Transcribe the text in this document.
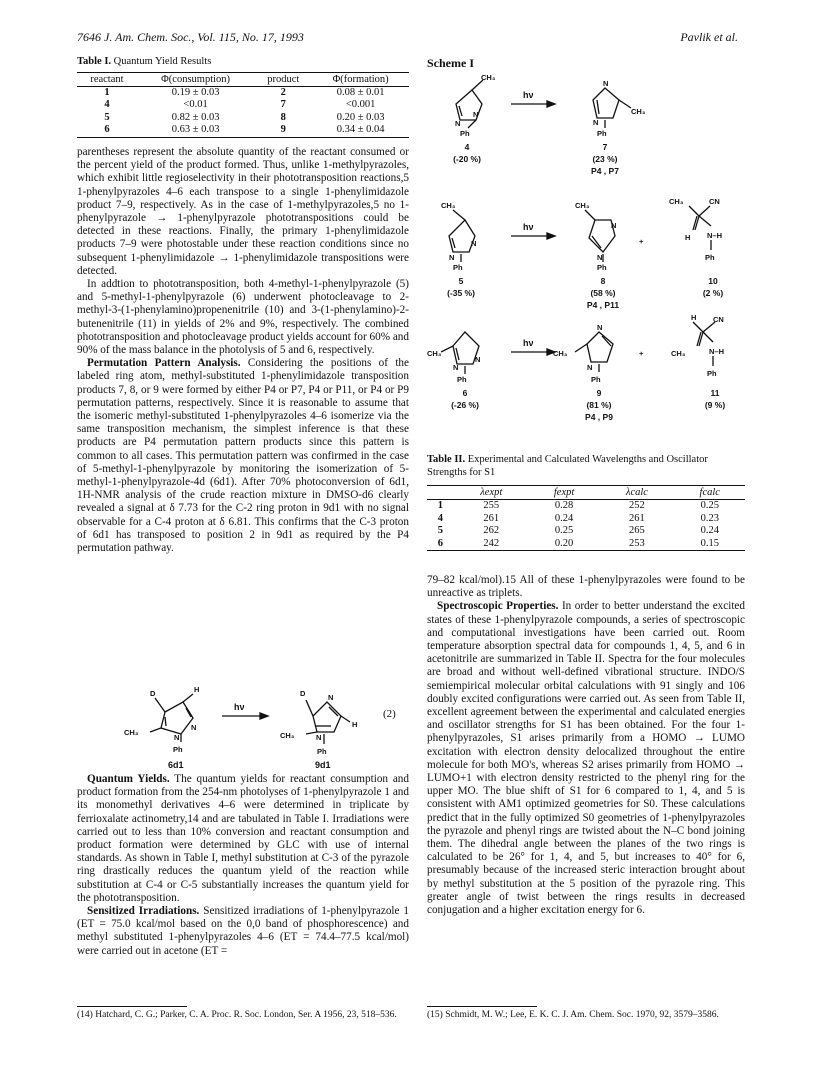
7646 J. Am. Chem. Soc., Vol. 115, No. 17, 1993	Pavlik et al.
Table I. Quantum Yield Results
reactant	Φ(consumption)	product	Φ(formation)
1	0.19 ± 0.03	2	0.08 ± 0.01
4	<0.01	7	<0.001
5	0.82 ± 0.03	8	0.20 ± 0.03
6	0.63 ± 0.03	9	0.34 ± 0.04

parentheses represent the absolute quantity of the reactant consumed or the percent yield of the product formed. Thus, unlike 1-methylpyrazoles, which exhibit little regioselectivity in their phototransposition reactions,5 1-phenylpyrazoles 4–6 each transpose to a single 1-phenylimidazole product 7–9, respectively. As in the case of 1-methylpyrazoles,5 no 1-phenylpyrazole → 1-phenylpyrazole phototranspositions could be detected in these reactions. Finally, the primary 1-phenylimidazole products 7–9 were photostable under these reaction conditions since no subsequent 1-phenylimidazole → 1-phenylimidazole transpositions were detected.

In addtion to phototransposition, both 4-methyl-1-phenylpyrazole (5) and 5-methyl-1-phenylpyrazole (6) underwent photocleavage to 2-methyl-3-(1-phenylamino)propenenitrile (10) and 3-(1-phenylamino)-2-butenenitrile (11) in yields of 2% and 9%, respectively. The combined phototransposition and photocleavage product yields account for 60% and 90% of the mass balance in the photolysis of 5 and 6, respectively.

Permutation Pattern Analysis. Considering the positions of the labeled ring atom, methyl-substituted 1-phenylimidazole transposition products 7, 8, or 9 were formed by either P4 or P7, P4 or P11, or P4 or P9 permutation patterns, respectively. Since it is reasonable to assume that the isomeric methyl-substituted 1-phenylpyrazoles 4–6 isomerize via the same transposition mechanism, the simplest inference is that these products are P4 permutation pattern products since this pattern is common to all cases. This permutation pattern was confirmed in the case of 5-methyl-1-phenylpyrazole by monitoring the isomerization of 5-methyl-1-phenylpyrazole-4d (6d1). After 70% photoconversion of 6d1, 1H-NMR analysis of the crude reaction mixture in DMSO-d6 clearly revealed a signal at δ 7.73 for the C-2 ring proton in 9d1 with no signal observable for a C-4 proton at δ 6.81. This confirms that the C-3 proton of 6d1 has transposed to position 2 in 9d1 as required by the P4 permutation pathway.

D	H
N
N
CH₃
Ph
D	N
N
H
CH₃
Ph
hν
6d1	9d1
(2)

Quantum Yields. The quantum yields for reactant consumption and product formation from the 254-nm photolyses of 1-phenylpyrazole 1 and its monomethyl derivatives 4–6 were determined in triplicate by ferrioxalate actinometry,14 and are tabulated in Table I. Irradiations were carried out to less than 10% conversion and reactant consumption and product formation were determined by GLC with use of internal standards. As shown in Table I, methyl substitution at C-3 of the pyrazole ring drastically reduces the quantum yield of the reaction while substitution at C-4 or C-5 substantially increases the quantum yield for the phototransposition.

Sensitized Irradiations. Sensitized irradiations of 1-phenylpyrazole 1 (ET = 75.0 kcal/mol based on the 0,0 band of phosphorescence) and methyl substituted 1-phenylpyrazoles 4–6 (ET = 74.4–77.5 kcal/mol) were carried out in acetone (ET =

(14) Hatchard, C. G.; Parker, C. A. Proc. R. Soc. London, Ser. A 1956, 23, 518–536.
Scheme I
CH₃
N
N
Ph
N
CH₃
N
Ph
CH₃
N
N
Ph
CH₃
N
N
Ph
+
CH₃	CN
H N–H
Ph
CH₃
N
N
Ph
N
CH₃
N
Ph
+
H CN
CH₃	N–H
Ph
hν
hν
hν
4
(-20 %)
7
(23 %)
P4 , P7
5
(-35 %)
8
(58 %)
P4 , P11
10
(2 %)
6
(-26 %)
9
(81 %)
P4 , P9
11
(9 %)
Table II. Experimental and Calculated Wavelengths and Oscillator Strengths for S1
	λexpt	fexpt	λcalc	fcalc
1	255	0.28	252	0.25
4	261	0.24	261	0.23
5	262	0.25	265	0.24
6	242	0.20	253	0.15

79–82 kcal/mol).15 All of these 1-phenylpyrazoles were found to be unreactive as triplets.

Spectroscopic Properties. In order to better understand the excited states of these 1-phenylpyrazole compounds, a series of spectroscopic and computational investigations have been carried out. Room temperature absorption spectral data for compounds 1, 4, 5, and 6 in acetonitrile are summarized in Table II. Spectra for the four molecules are broad and without well-defined vibrational structure. INDO/S semiempirical molecular orbital calculations with 91 singly and 106 doubly excited configurations were carried out. As seen from Table II, excellent agreement between the experimental and calculated energies and oscillator strengths for S1 has been obtained. For the four 1-phenylpyrazoles, S1 arises primarily from a HOMO → LUMO excitation with electron density delocalized throughout the entire molecule for both MO's, whereas S2 arises primarily from HOMO → LUMO+1 with electron density restricted to the phenyl ring for the upper MO. The blue shift of S1 for 6 compared to 1, 4, and 5 is consistent with AM1 optimized geometries for S0. These calculations predict that in the fully optimized S0 geometries of 1-phenylpyrazoles the pyrazole and phenyl rings are twisted about the N–C bond joining them. The dihedral angle between the planes of the two rings is calculated to be 26° for 1, 4, and 5, but increases to 40° for 6, presumably because of the increased steric interaction brought about by methyl substitution at the 5 position of the pyrazole ring. This greater angle of twist between the rings results in decreased conjugation and a higher excitation energy for 6.

(15) Schmidt, M. W.; Lee, E. K. C. J. Am. Chem. Soc. 1970, 92, 3579–3586.
